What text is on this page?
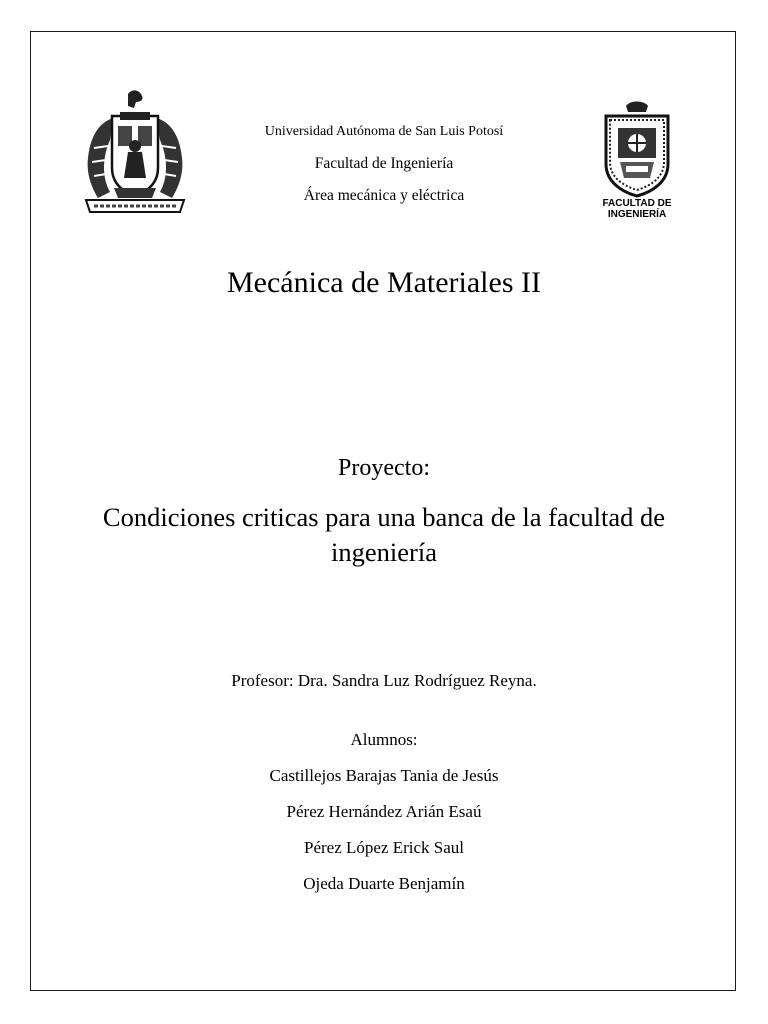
FACULTAD DE
INGENIERÍA
Universidad Autónoma de San Luis Potosí
Facultad de Ingeniería
Área mecánica y eléctrica
Mecánica de Materiales II
Proyecto:
Condiciones criticas para una banca de la facultad de ingeniería
Profesor: Dra. Sandra Luz Rodríguez Reyna.
Alumnos:
Castillejos Barajas Tania de Jesús
Pérez Hernández Arián Esaú
Pérez López Erick Saul
Ojeda Duarte Benjamín
